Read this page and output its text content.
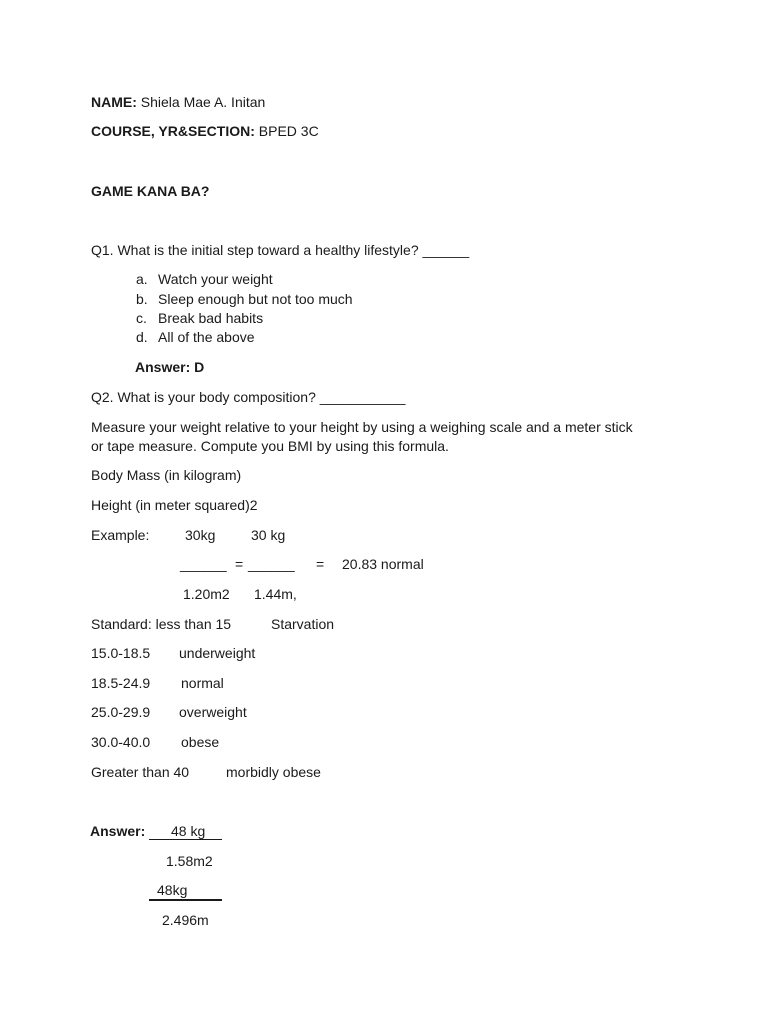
NAME: Shiela Mae A. Initan
COURSE, YR&SECTION: BPED 3C
GAME KANA BA?
Q1. What is the initial step toward a healthy lifestyle? ______
a. Watch your weight
b. Sleep enough but not too much
c. Break bad habits
d. All of the above
Answer: D
Q2. What is your body composition? ___________
Measure your weight relative to your height by using a weighing scale and a meter stick
or tape measure. Compute you BMI by using this formula.
Body Mass (in kilogram)
Height (in meter squared)2
Example:	30kg	30 kg
______ = ______ = 20.83 normal
1.20m2 1.44m,
Standard: less than 15	Starvation
15.0-18.5 underweight
18.5-24.9 normal
25.0-29.9 overweight
30.0-40.0 obese
Greater than 40	morbidly obese
Answer: 48 kg
1.58m2
48kg
2.496m
